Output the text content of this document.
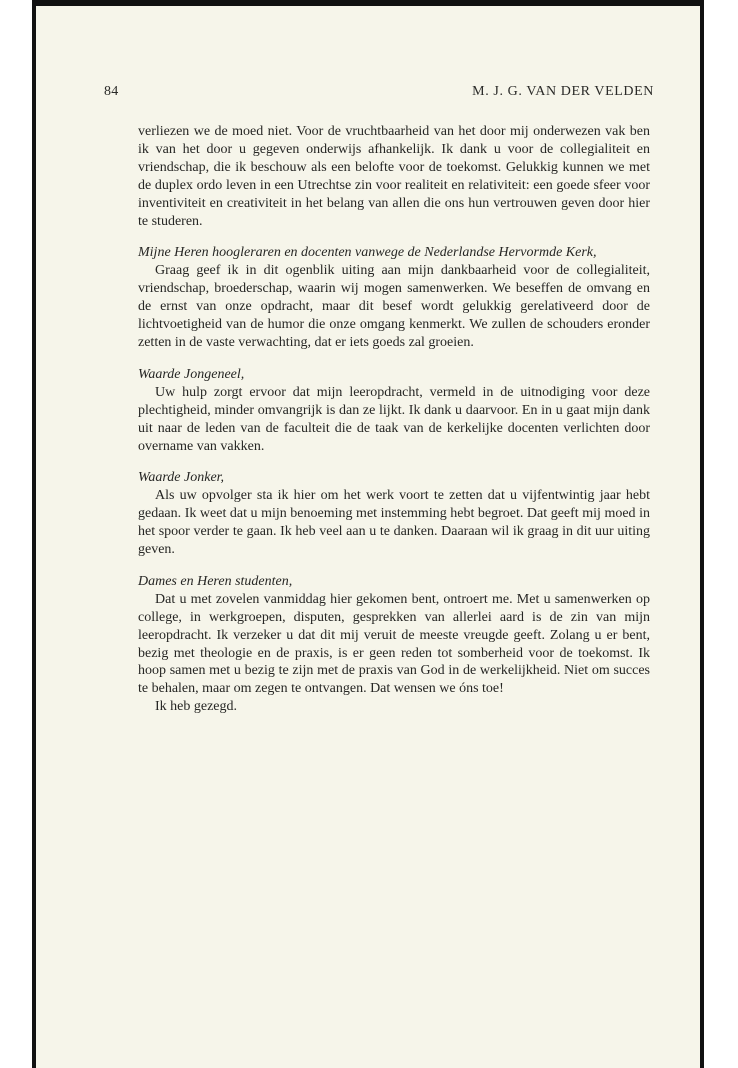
84	M. J. G. VAN DER VELDEN

verliezen we de moed niet. Voor de vruchtbaarheid van het door mij onderwezen vak ben ik van het door u gegeven onderwijs afhankelijk. Ik dank u voor de collegialiteit en vriendschap, die ik beschouw als een belofte voor de toekomst. Gelukkig kunnen we met de duplex ordo leven in een Utrechtse zin voor realiteit en relativiteit: een goede sfeer voor inventiviteit en creativiteit in het belang van allen die ons hun vertrouwen geven door hier te studeren.

Mijne Heren hoogleraren en docenten vanwege de Nederlandse Hervormde Kerk,

Graag geef ik in dit ogenblik uiting aan mijn dankbaarheid voor de collegialiteit, vriendschap, broederschap, waarin wij mogen samenwerken. We beseffen de omvang en de ernst van onze opdracht, maar dit besef wordt gelukkig gerelativeerd door de lichtvoetigheid van de humor die onze omgang kenmerkt. We zullen de schouders eronder zetten in de vaste verwachting, dat er iets goeds zal groeien.

Waarde Jongeneel,

Uw hulp zorgt ervoor dat mijn leeropdracht, vermeld in de uitnodiging voor deze plechtigheid, minder omvangrijk is dan ze lijkt. Ik dank u daarvoor. En in u gaat mijn dank uit naar de leden van de faculteit die de taak van de kerkelijke docenten verlichten door overname van vakken.

Waarde Jonker,

Als uw opvolger sta ik hier om het werk voort te zetten dat u vijfentwintig jaar hebt gedaan. Ik weet dat u mijn benoeming met instemming hebt begroet. Dat geeft mij moed in het spoor verder te gaan. Ik heb veel aan u te danken. Daaraan wil ik graag in dit uur uiting geven.

Dames en Heren studenten,

Dat u met zovelen vanmiddag hier gekomen bent, ontroert me. Met u samenwerken op college, in werkgroepen, disputen, gesprekken van allerlei aard is de zin van mijn leeropdracht. Ik verzeker u dat dit mij veruit de meeste vreugde geeft. Zolang u er bent, bezig met theologie en de praxis, is er geen reden tot somberheid voor de toekomst. Ik hoop samen met u bezig te zijn met de praxis van God in de werkelijkheid. Niet om succes te behalen, maar om zegen te ontvangen. Dat wensen we óns toe!

Ik heb gezegd.
